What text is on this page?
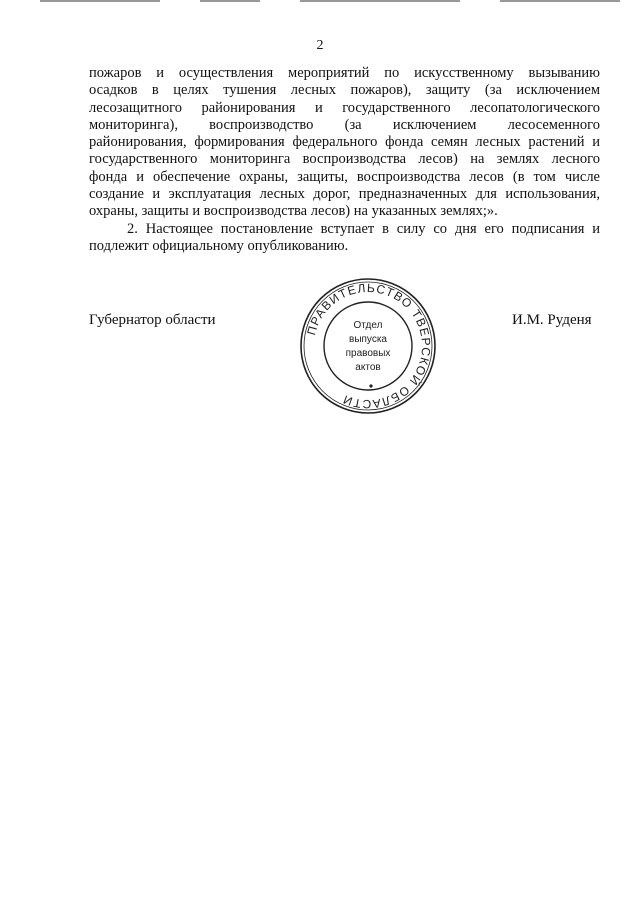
2
пожаров и осуществления мероприятий по искусственному вызыванию
осадков в целях тушения лесных пожаров), защиту (за исключением
лесозащитного районирования и государственного лесопатологического
мониторинга), воспроизводство (за исключением лесосеменного
районирования, формирования федерального фонда семян лесных растений и
государственного мониторинга воспроизводства лесов) на землях лесного
фонда и обеспечение охраны, защиты, воспроизводства лесов (в том числе
создание и эксплуатация лесных дорог, предназначенных для использования,
охраны, защиты и воспроизводства лесов) на указанных землях;».
2. Настоящее постановление вступает в силу со дня его подписания и
подлежит официальному опубликованию.
Губернатор области	И.М. Руденя
ПРАВИТЕЛЬСТВО ТВЕРСКОЙ ОБЛАСТИ
Отдел
выпуска
правовых
актов
